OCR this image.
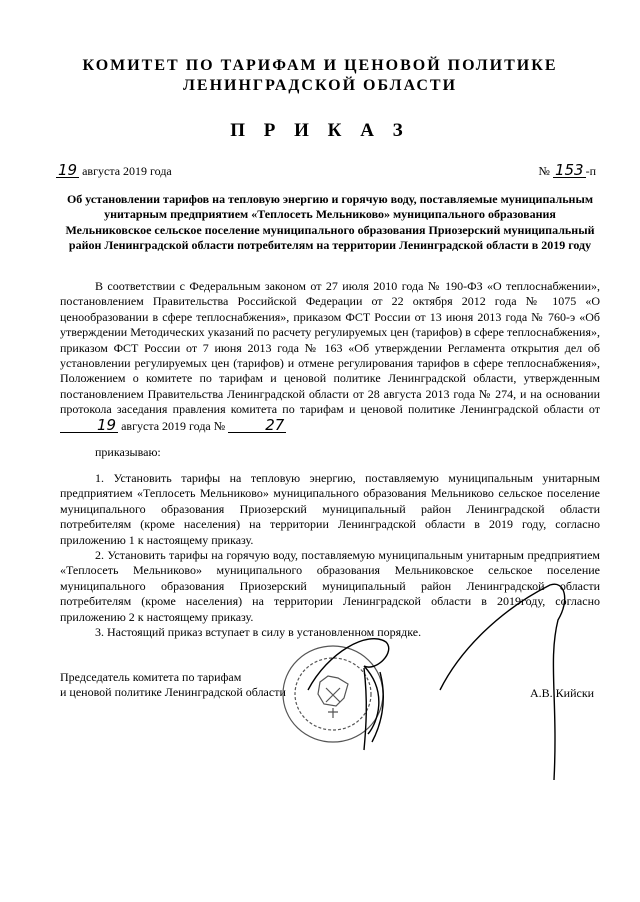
КОМИТЕТ ПО ТАРИФАМ И ЦЕНОВОЙ ПОЛИТИКЕ
ЛЕНИНГРАДСКОЙ ОБЛАСТИ
П Р И К А З
19 августа 2019 года	№ 153 -п
Об установлении тарифов на тепловую энергию и горячую воду, поставляемые муниципальным унитарным предприятием «Теплосеть Мельниково» муниципального образования Мельниковское сельское поселение муниципального образования Приозерский муниципальный район Ленинградской области потребителям на территории Ленинградской области в 2019 году

В соответствии с Федеральным законом от 27 июля 2010 года № 190-ФЗ «О теплоснабжении», постановлением Правительства Российской Федерации от 22 октября 2012 года № 1075 «О ценообразовании в сфере теплоснабжения», приказом ФСТ России от 13 июня 2013 года № 760-э «Об утверждении Методических указаний по расчету регулируемых цен (тарифов) в сфере теплоснабжения», приказом ФСТ России от 7 июня 2013 года № 163 «Об утверждении Регламента открытия дел об установлении регулируемых цен (тарифов) и отмене регулирования тарифов в сфере теплоснабжения», Положением о комитете по тарифам и ценовой политике Ленинградской области, утвержденным постановлением Правительства Ленинградской области от 28 августа 2013 года № 274, и на основании протокола заседания правления комитета по тарифам и ценовой политике Ленинградской области от 19 августа 2019 года №	27

приказываю:

1. Установить тарифы на тепловую энергию, поставляемую муниципальным унитарным предприятием «Теплосеть Мельниково» муниципального образования Мельниково сельское поселение муниципального образования Приозерский муниципальный район Ленинградской области потребителям (кроме населения) на территории Ленинградской области в 2019 году, согласно приложению 1 к настоящему приказу.

2. Установить тарифы на горячую воду, поставляемую муниципальным унитарным предприятием «Теплосеть Мельниково» муниципального образования Мельниковское сельское поселение муниципального образования Приозерский муниципальный район Ленинградской области потребителям (кроме населения) на территории Ленинградской области в 2019году, согласно приложению 2 к настоящему приказу.

3. Настоящий приказ вступает в силу в установленном порядке.

Председатель комитета по тарифам
и ценовой политике Ленинградской области	А.В. Кийски
